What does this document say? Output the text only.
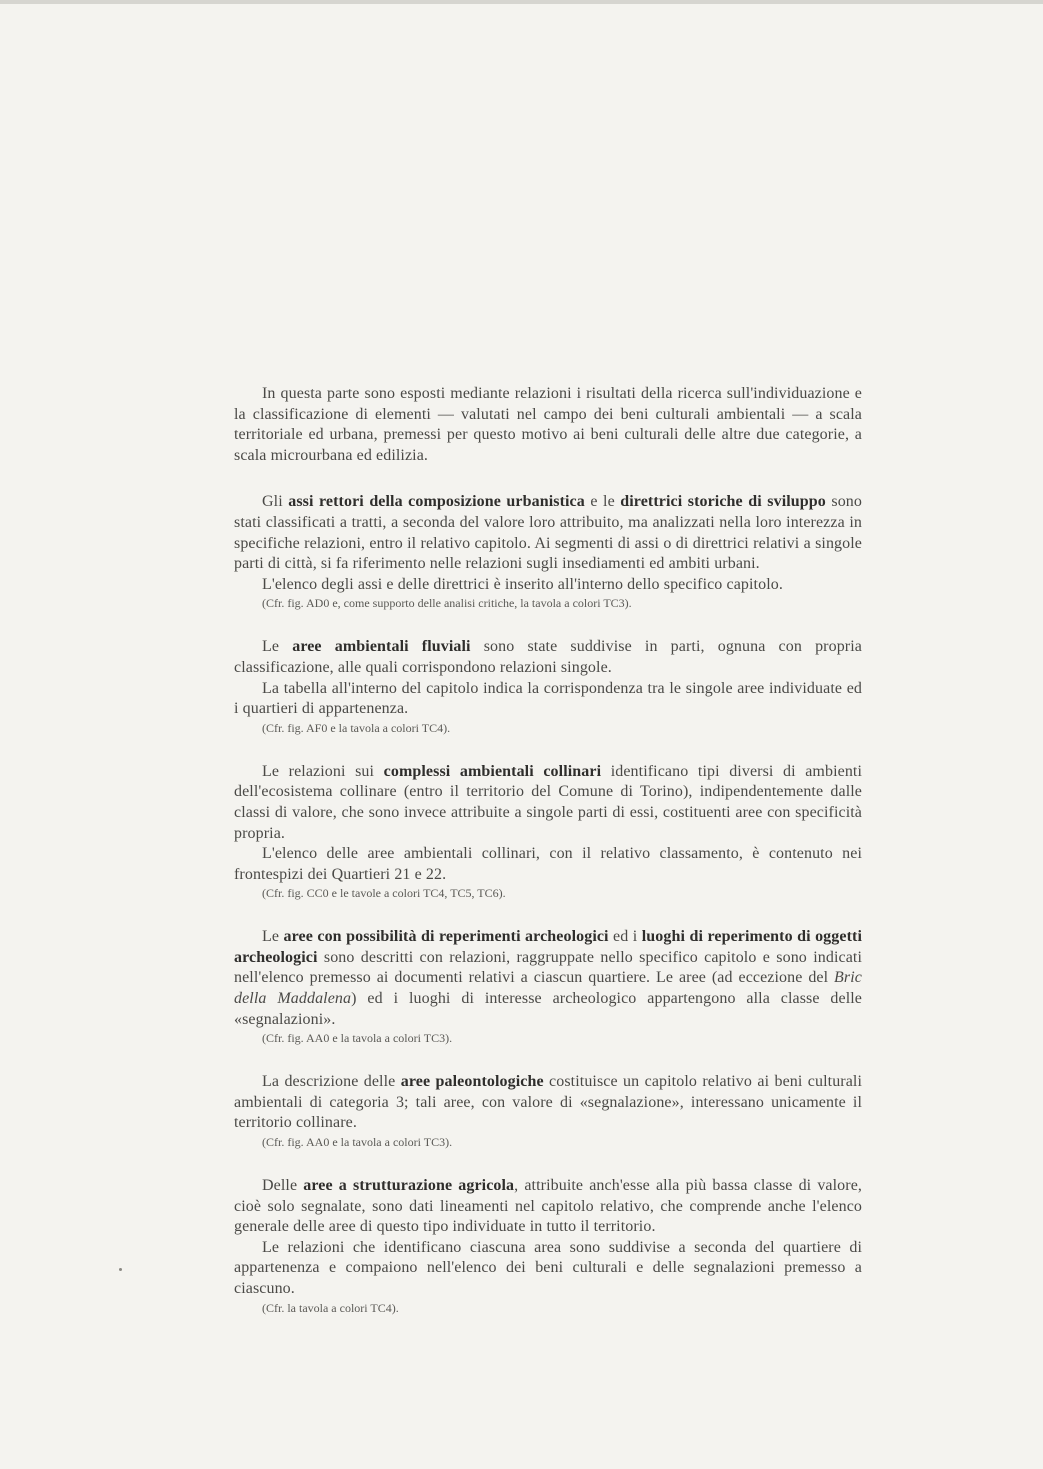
In questa parte sono esposti mediante relazioni i risultati della ricerca sull'individuazione e la classificazione di elementi — valutati nel campo dei beni culturali ambientali — a scala territoriale ed urbana, premessi per questo motivo ai beni culturali delle altre due categorie, a scala microurbana ed edilizia.

Gli assi rettori della composizione urbanistica e le direttrici storiche di sviluppo sono stati classificati a tratti, a seconda del valore loro attribuito, ma analizzati nella loro interezza in specifiche relazioni, entro il relativo capitolo. Ai segmenti di assi o di direttrici relativi a singole parti di città, si fa riferimento nelle relazioni sugli insediamenti ed ambiti urbani.

L'elenco degli assi e delle direttrici è inserito all'interno dello specifico capitolo.

(Cfr. fig. AD0 e, come supporto delle analisi critiche, la tavola a colori TC3).

Le aree ambientali fluviali sono state suddivise in parti, ognuna con propria classificazione, alle quali corrispondono relazioni singole.

La tabella all'interno del capitolo indica la corrispondenza tra le singole aree individuate ed i quartieri di appartenenza.

(Cfr. fig. AF0 e la tavola a colori TC4).

Le relazioni sui complessi ambientali collinari identificano tipi diversi di ambienti dell'ecosistema collinare (entro il territorio del Comune di Torino), indipendentemente dalle classi di valore, che sono invece attribuite a singole parti di essi, costituenti aree con specificità propria.

L'elenco delle aree ambientali collinari, con il relativo classamento, è contenuto nei frontespizi dei Quartieri 21 e 22.

(Cfr. fig. CC0 e le tavole a colori TC4, TC5, TC6).

Le aree con possibilità di reperimenti archeologici ed i luoghi di reperimento di oggetti archeologici sono descritti con relazioni, raggruppate nello specifico capitolo e sono indicati nell'elenco premesso ai documenti relativi a ciascun quartiere. Le aree (ad eccezione del Bric della Maddalena) ed i luoghi di interesse archeologico appartengono alla classe delle «segnalazioni».

(Cfr. fig. AA0 e la tavola a colori TC3).

La descrizione delle aree paleontologiche costituisce un capitolo relativo ai beni culturali ambientali di categoria 3; tali aree, con valore di «segnalazione», interessano unicamente il territorio collinare.

(Cfr. fig. AA0 e la tavola a colori TC3).

Delle aree a strutturazione agricola, attribuite anch'esse alla più bassa classe di valore, cioè solo segnalate, sono dati lineamenti nel capitolo relativo, che comprende anche l'elenco generale delle aree di questo tipo individuate in tutto il territorio.

Le relazioni che identificano ciascuna area sono suddivise a seconda del quartiere di appartenenza e compaiono nell'elenco dei beni culturali e delle segnalazioni premesso a ciascuno.

(Cfr. la tavola a colori TC4).
